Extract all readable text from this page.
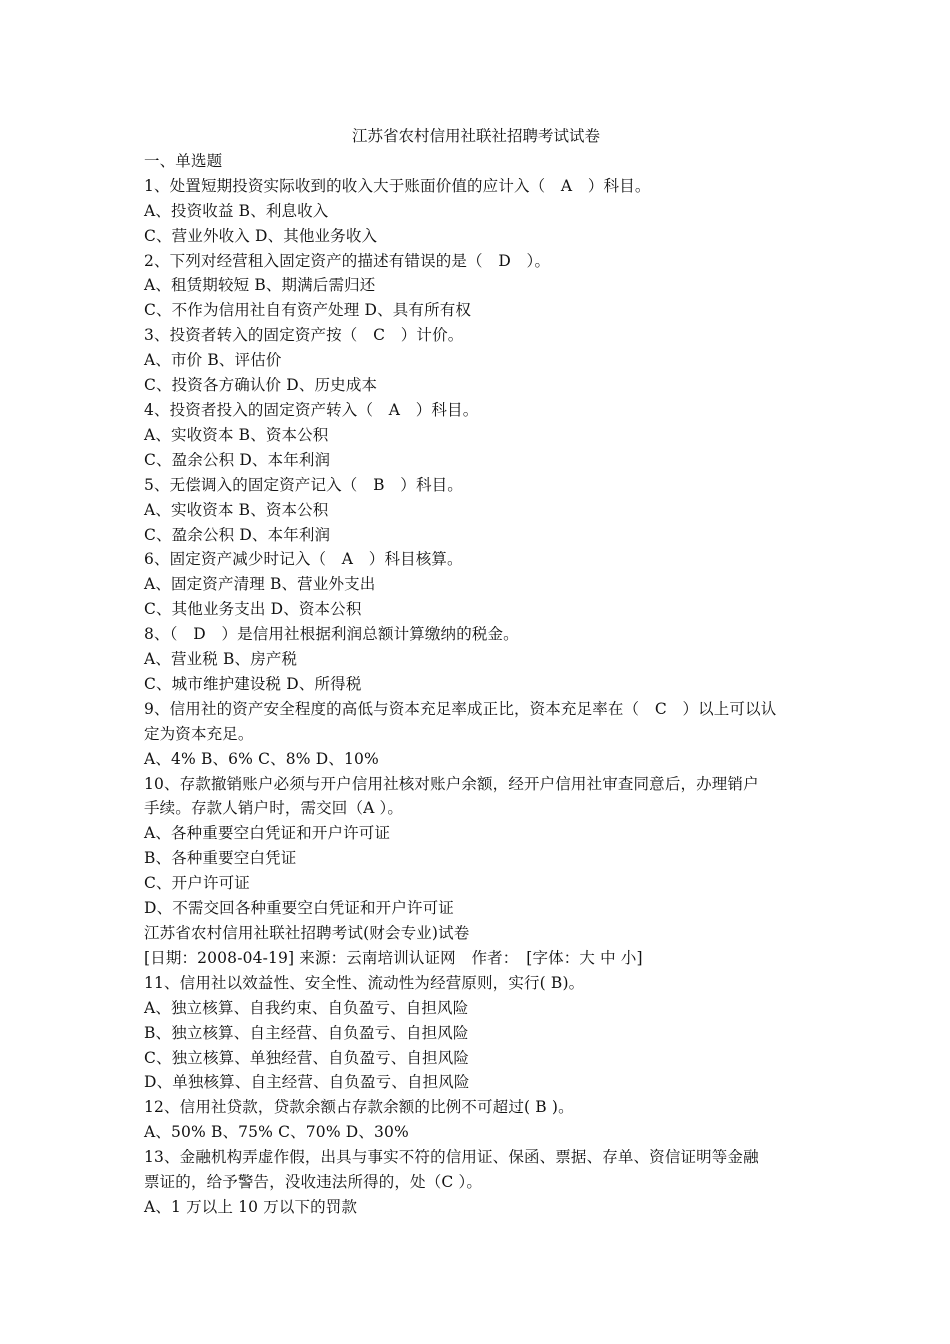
江苏省农村信用社联社招聘考试试卷

一、单选题

1、处置短期投资实际收到的收入大于账面价值的应计入（　A　）科目。

A、投资收益 B、利息收入

C、营业外收入 D、其他业务收入

2、下列对经营租入固定资产的描述有错误的是（　D　）。

A、租赁期较短 B、期满后需归还

C、不作为信用社自有资产处理 D、具有所有权

3、投资者转入的固定资产按（　C　）计价。

A、市价 B、评估价

C、投资各方确认价 D、历史成本

4、投资者投入的固定资产转入（　A　）科目。

A、实收资本 B、资本公积

C、盈余公积 D、本年利润

5、无偿调入的固定资产记入（　B　）科目。

A、实收资本 B、资本公积

C、盈余公积 D、本年利润

6、固定资产减少时记入（　A　）科目核算。

A、固定资产清理 B、营业外支出

C、其他业务支出 D、资本公积

8、（　D　）是信用社根据利润总额计算缴纳的税金。

A、营业税 B、房产税

C、城市维护建设税 D、所得税

9、信用社的资产安全程度的高低与资本充足率成正比，资本充足率在（　C　）以上可以认

定为资本充足。

A、4% B、6% C、8% D、10%

10、存款撤销账户必须与开户信用社核对账户余额，经开户信用社审查同意后，办理销户

手续。存款人销户时，需交回（A ）。

A、各种重要空白凭证和开户许可证

B、各种重要空白凭证

C、开户许可证

D、不需交回各种重要空白凭证和开户许可证

江苏省农村信用社联社招聘考试(财会专业)试卷

[日期：2008-04-19] 来源：云南培训认证网　作者：　[字体：大 中 小]

11、信用社以效益性、安全性、流动性为经营原则，实行( B)。

A、独立核算、自我约束、自负盈亏、自担风险

B、独立核算、自主经营、自负盈亏、自担风险

C、独立核算、单独经营、自负盈亏、自担风险

D、单独核算、自主经营、自负盈亏、自担风险

12、信用社贷款，贷款余额占存款余额的比例不可超过( B )。

A、50% B、75% C、70% D、30%

13、金融机构弄虚作假，出具与事实不符的信用证、保函、票据、存单、资信证明等金融

票证的，给予警告，没收违法所得的，处（C ）。

A、1 万以上 10 万以下的罚款
